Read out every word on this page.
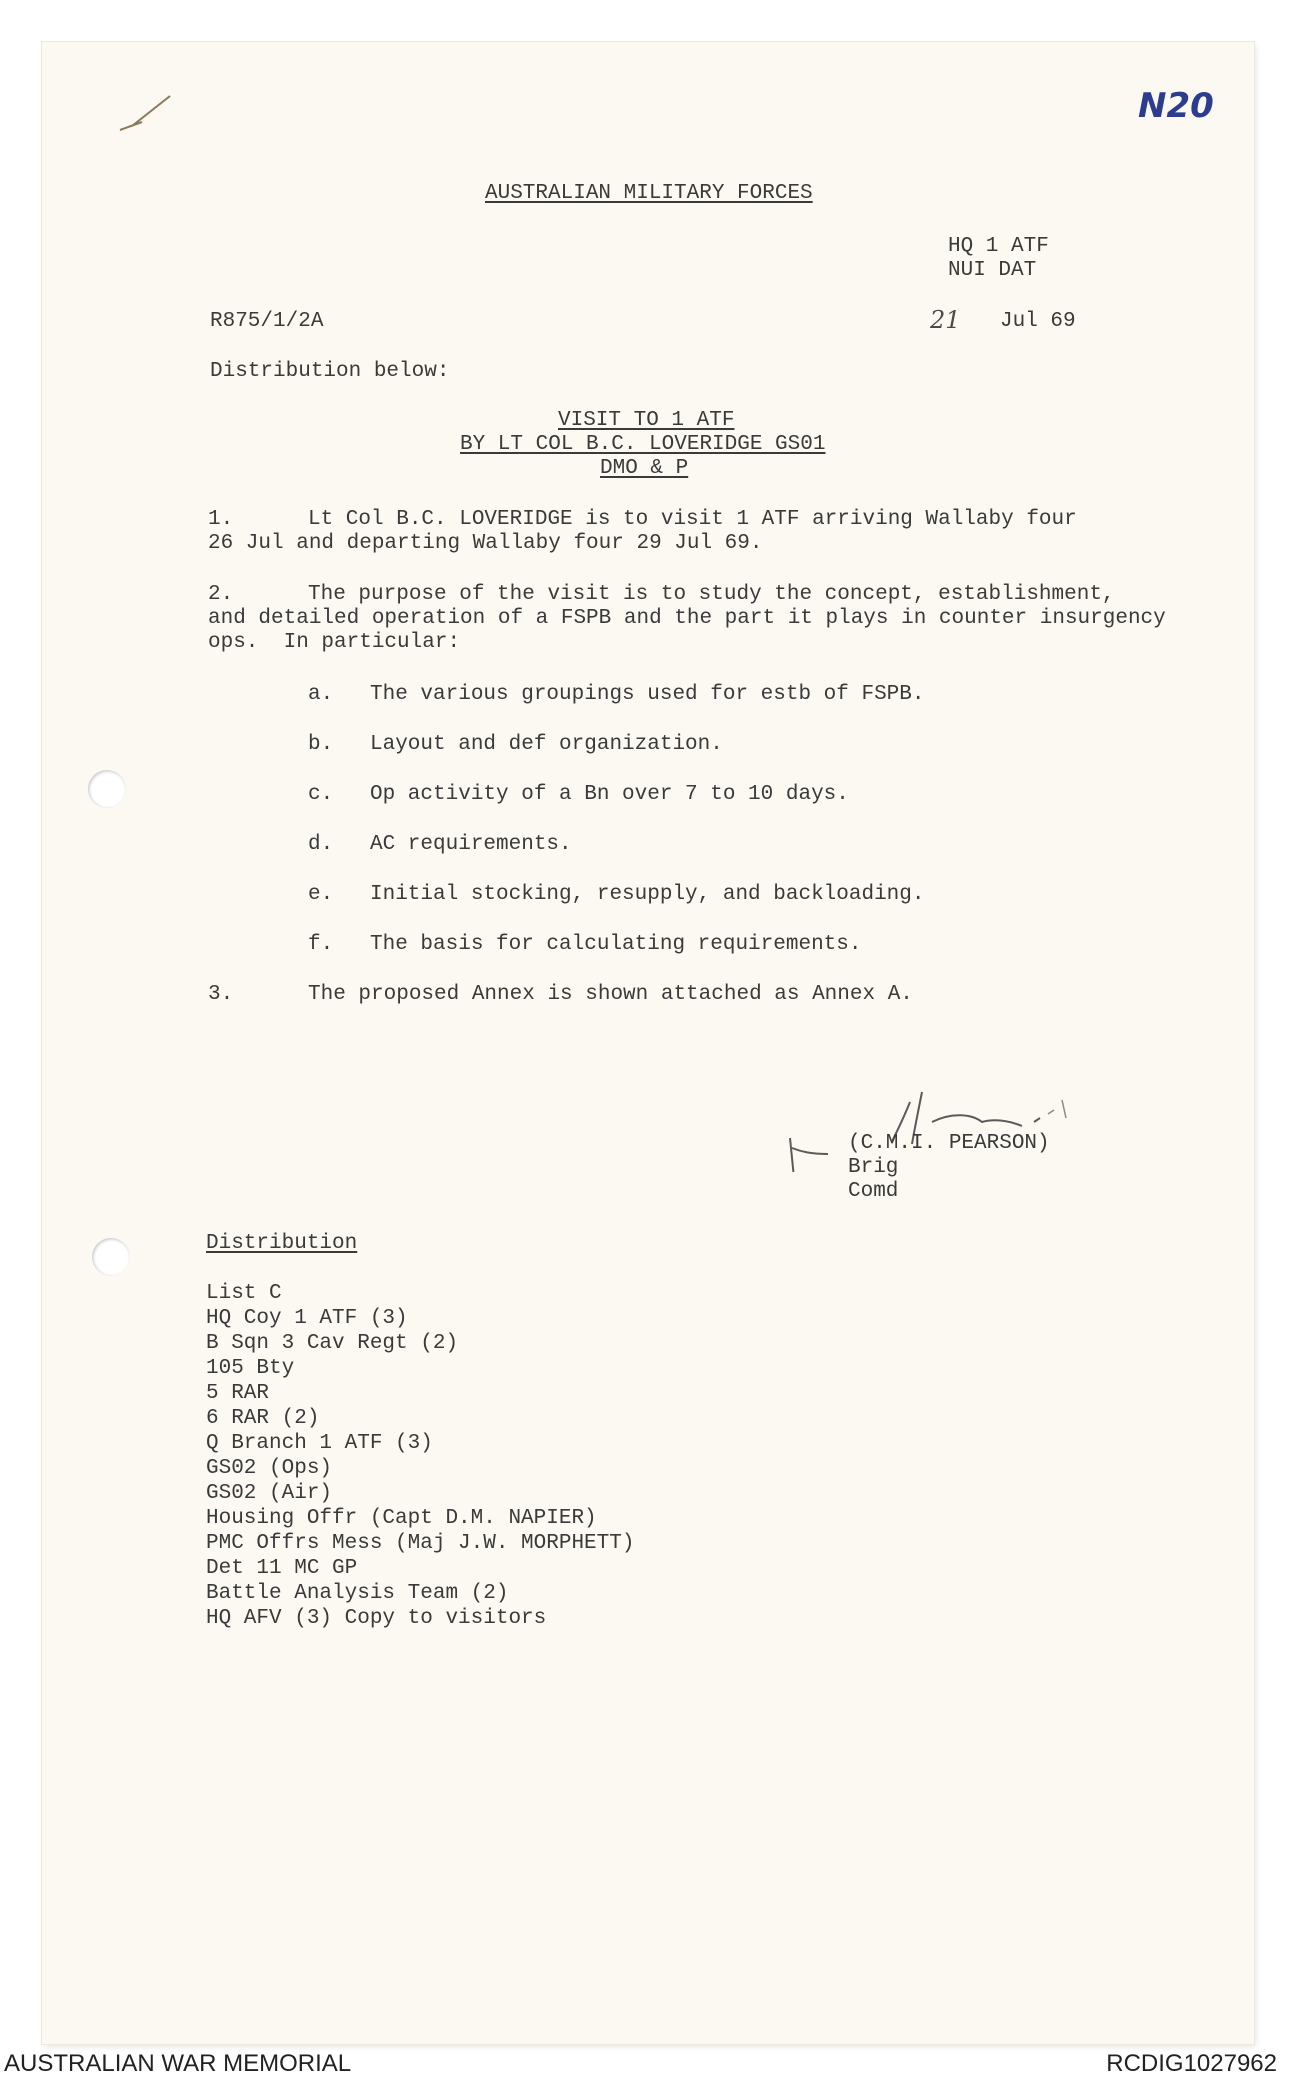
N20
AUSTRALIAN MILITARY FORCES
HQ 1 ATF
NUI DAT
R875/1/2A	21 Jul 69
Distribution below:
VISIT TO 1 ATF
BY LT COL B.C. LOVERIDGE GS01
DMO & P
1.	Lt Col B.C. LOVERIDGE is to visit 1 ATF arriving Wallaby four
26 Jul and departing Wallaby four 29 Jul 69.
2.	The purpose of the visit is to study the concept, establishment,
and detailed operation of a FSPB and the part it plays in counter insurgency
ops.  In particular:
a. The various groupings used for estb of FSPB.
b. Layout and def organization.
c. Op activity of a Bn over 7 to 10 days.
d. AC requirements.
e. Initial stocking, resupply, and backloading.
f. The basis for calculating requirements.
3.	The proposed Annex is shown attached as Annex A.
(C.M.I. PEARSON)
Brig
Comd
Distribution
List C
HQ Coy 1 ATF (3)
B Sqn 3 Cav Regt (2)
105 Bty
5 RAR
6 RAR (2)
Q Branch 1 ATF (3)
GS02 (Ops)
GS02 (Air)
Housing Offr (Capt D.M. NAPIER)
PMC Offrs Mess (Maj J.W. MORPHETT)
Det 11 MC GP
Battle Analysis Team (2)
HQ AFV (3) Copy to visitors
AUSTRALIAN WAR MEMORIAL	RCDIG1027962
